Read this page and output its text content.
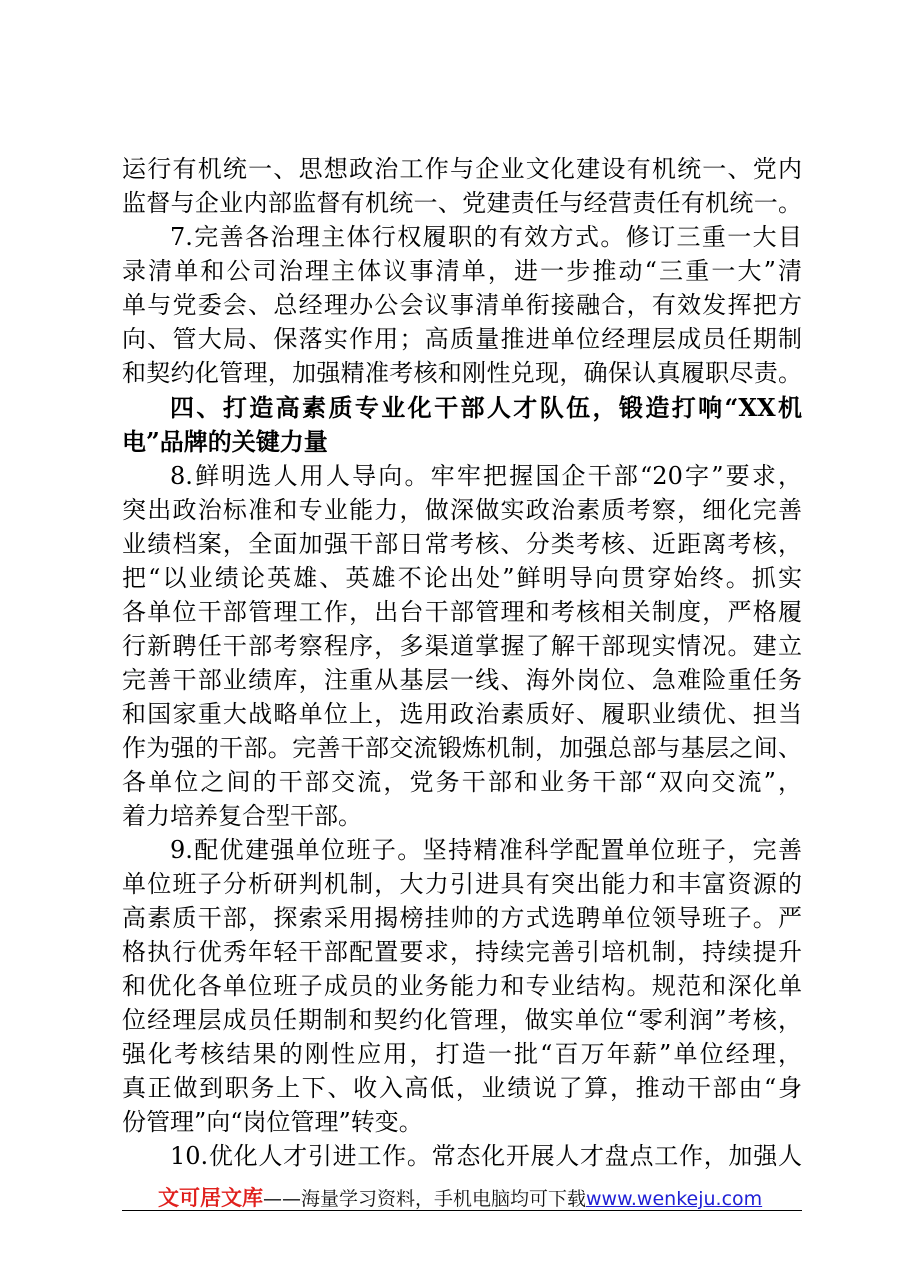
运行有机统一、思想政治工作与企业文化建设有机统一、党内
监督与企业内部监督有机统一、党建责任与经营责任有机统一。
7.完善各治理主体行权履职的有效方式。修订三重一大目
录清单和公司治理主体议事清单，进一步推动“三重一大”清
单与党委会、总经理办公会议事清单衔接融合，有效发挥把方
向、管大局、保落实作用；高质量推进单位经理层成员任期制
和契约化管理，加强精准考核和刚性兑现，确保认真履职尽责。
四、打造高素质专业化干部人才队伍，锻造打响“XX机
电”品牌的关键力量
8.鲜明选人用人导向。牢牢把握国企干部“20字”要求，
突出政治标准和专业能力，做深做实政治素质考察，细化完善
业绩档案，全面加强干部日常考核、分类考核、近距离考核，
把“以业绩论英雄、英雄不论出处”鲜明导向贯穿始终。抓实
各单位干部管理工作，出台干部管理和考核相关制度，严格履
行新聘任干部考察程序，多渠道掌握了解干部现实情况。建立
完善干部业绩库，注重从基层一线、海外岗位、急难险重任务
和国家重大战略单位上，选用政治素质好、履职业绩优、担当
作为强的干部。完善干部交流锻炼机制，加强总部与基层之间、
各单位之间的干部交流，党务干部和业务干部“双向交流”，
着力培养复合型干部。
9.配优建强单位班子。坚持精准科学配置单位班子，完善
单位班子分析研判机制，大力引进具有突出能力和丰富资源的
高素质干部，探索采用揭榜挂帅的方式选聘单位领导班子。严
格执行优秀年轻干部配置要求，持续完善引培机制，持续提升
和优化各单位班子成员的业务能力和专业结构。规范和深化单
位经理层成员任期制和契约化管理，做实单位“零利润”考核，
强化考核结果的刚性应用，打造一批“百万年薪”单位经理，
真正做到职务上下、收入高低，业绩说了算，推动干部由“身
份管理”向“岗位管理”转变。
10.优化人才引进工作。常态化开展人才盘点工作，加强人
文可居文库——海量学习资料，手机电脑均可下载www.wenkeju.com
